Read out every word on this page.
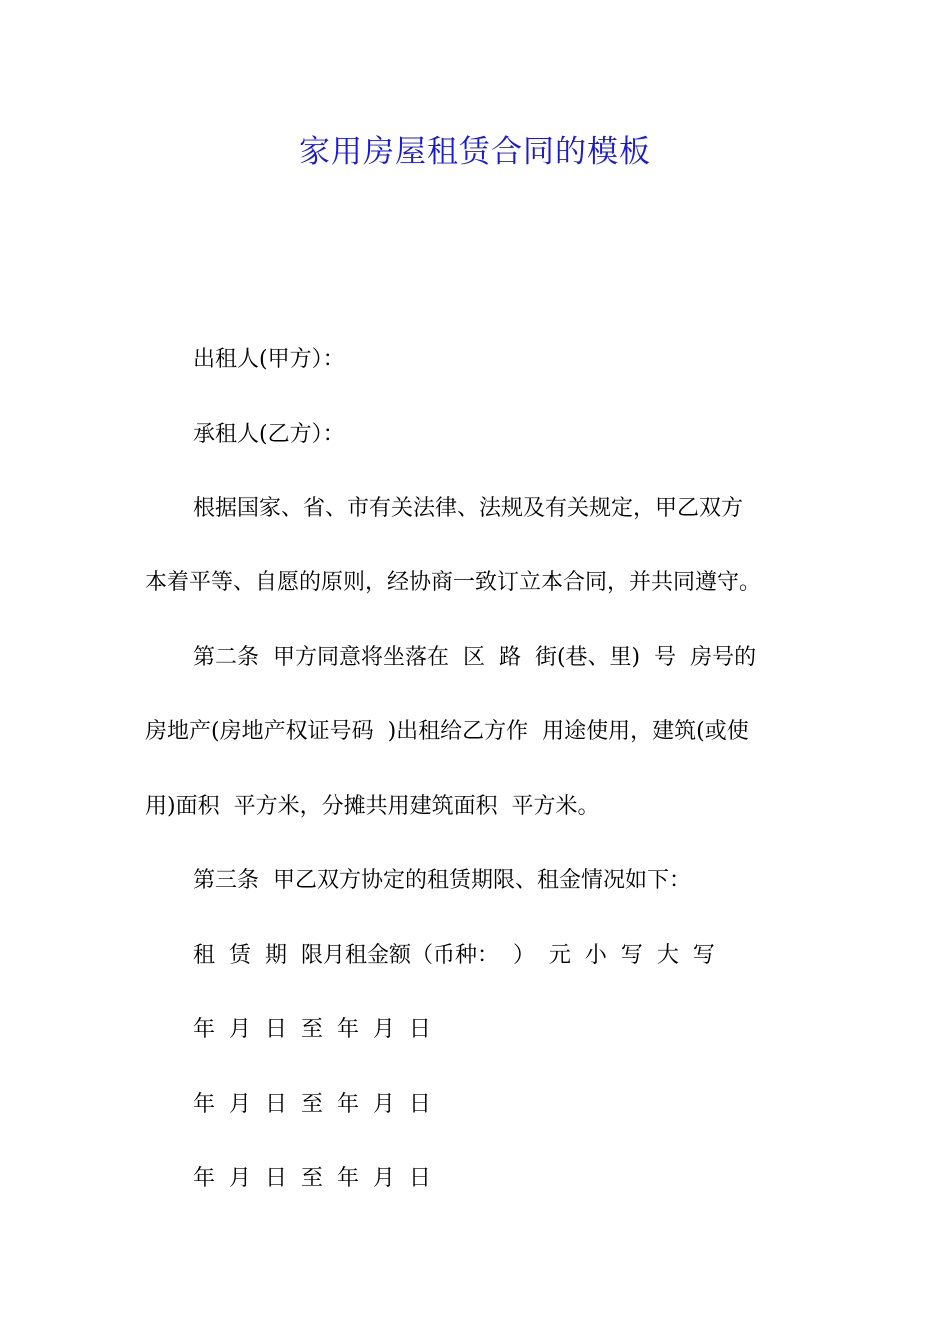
家用房屋租赁合同的模板

出租人(甲方）：

承租人(乙方）：

根据国家、省、市有关法律、法规及有关规定，甲乙双方

本着平等、自愿的原则，经协商一致订立本合同，并共同遵守。

第二条  甲方同意将坐落在  区  路  街(巷、里)  号  房号的

房地产(房地产权证号码  )出租给乙方作  用途使用，建筑(或使

用)面积  平方米，分摊共用建筑面积  平方米。

第三条  甲乙双方协定的租赁期限、租金情况如下：

租  赁  期  限月租金额（币种：  ）  元  小  写  大  写

年  月  日  至  年  月  日

年  月  日  至  年  月  日

年  月  日  至  年  月  日
